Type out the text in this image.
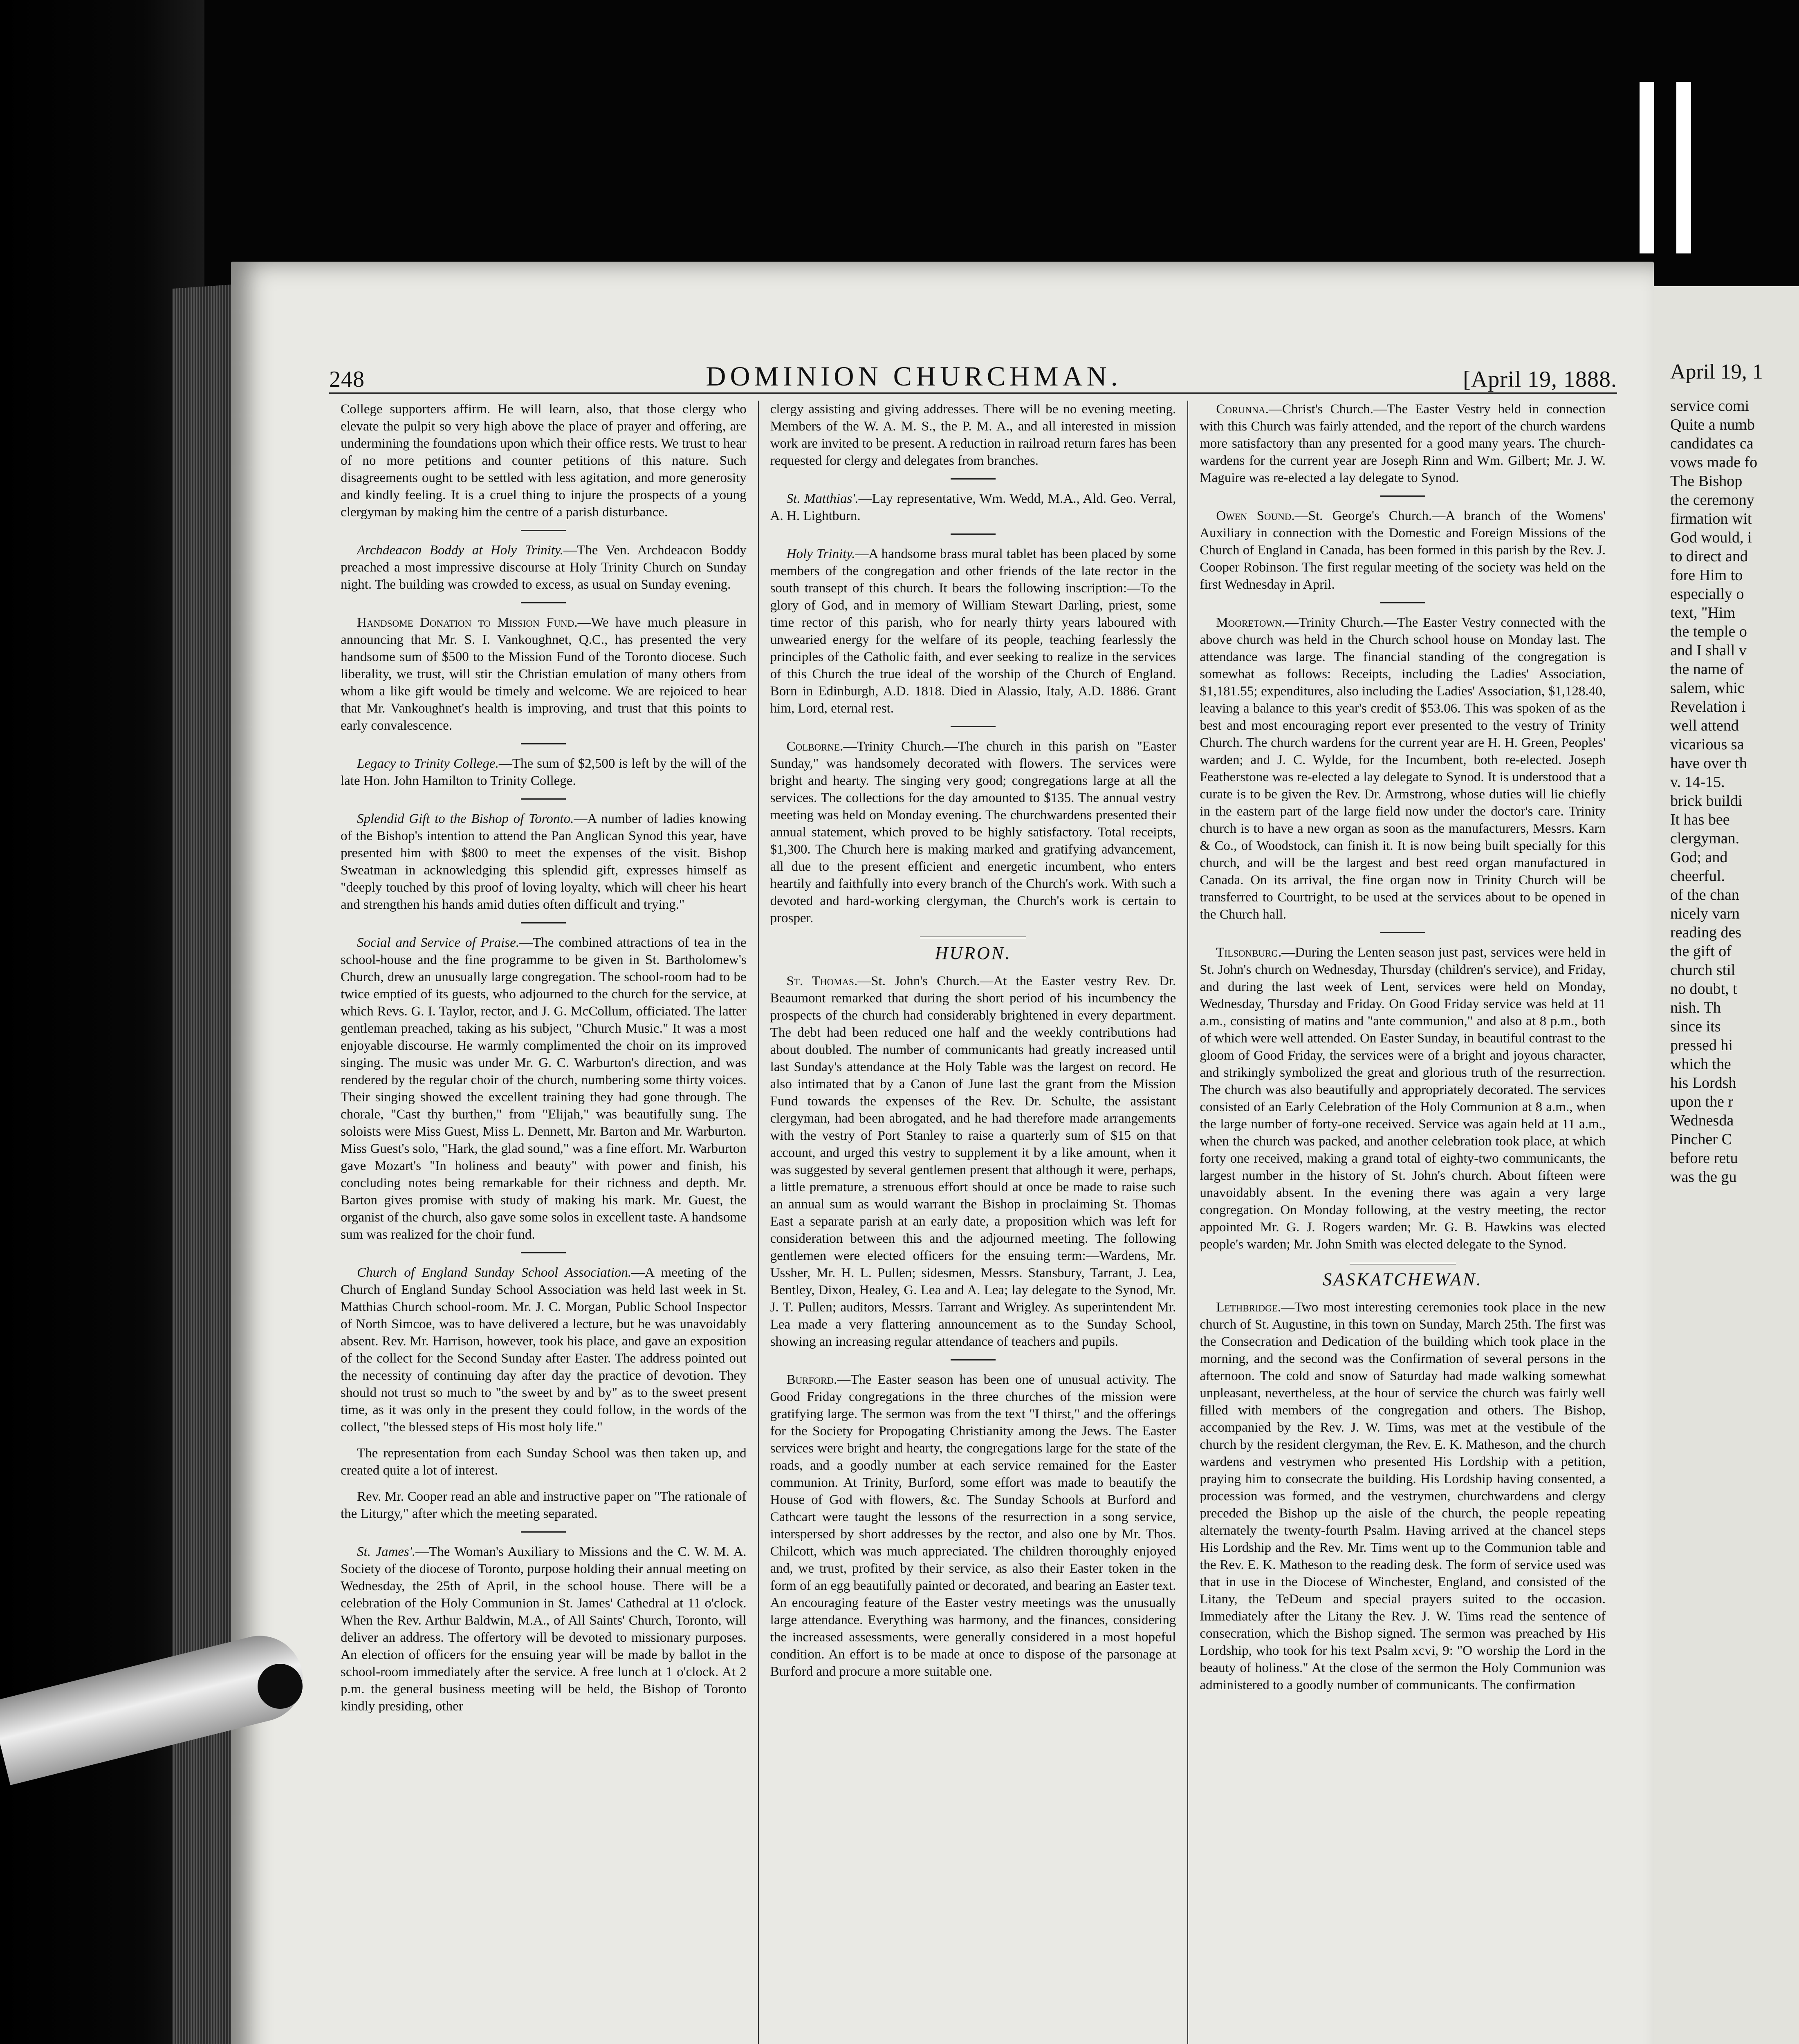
April 19, 1
service comi
Quite a numb
candidates ca
vows made fo
The Bishop
the ceremony
firmation wit
God would, i
to direct and
fore Him to
especially o
text, "Him
the temple o
and I shall v
the name of
salem, whic
Revelation i
well attend
vicarious sa
have over th
v. 14-15.
brick buildi
It has bee
clergyman.
God; and
cheerful.
of the chan
nicely varn
reading des
the gift of
church stil
no doubt, t
nish. Th
since its
pressed hi
which the
his Lordsh
upon the r
Wednesda
Pincher C
before retu
was the gu
248	DOMINION CHURCHMAN.	[April 19, 1888.

College supporters affirm. He will learn, also, that those clergy who elevate the pulpit so very high above the place of prayer and offering, are undermining the foundations upon which their office rests. We trust to hear of no more petitions and counter petitions of this nature. Such disagreements ought to be settled with less agitation, and more generosity and kindly feeling. It is a cruel thing to injure the prospects of a young clergyman by making him the centre of a parish disturbance.

Archdeacon Boddy at Holy Trinity.—The Ven. Archdeacon Boddy preached a most impressive discourse at Holy Trinity Church on Sunday night. The building was crowded to excess, as usual on Sunday evening.

Handsome Donation to Mission Fund.—We have much pleasure in announcing that Mr. S. I. Vankoughnet, Q.C., has presented the very handsome sum of $500 to the Mission Fund of the Toronto diocese. Such liberality, we trust, will stir the Christian emulation of many others from whom a like gift would be timely and welcome. We are rejoiced to hear that Mr. Vankoughnet's health is improving, and trust that this points to early convalescence.

Legacy to Trinity College.—The sum of $2,500 is left by the will of the late Hon. John Hamilton to Trinity College.

Splendid Gift to the Bishop of Toronto.—A number of ladies knowing of the Bishop's intention to attend the Pan Anglican Synod this year, have presented him with $800 to meet the expenses of the visit. Bishop Sweatman in acknowledging this splendid gift, expresses himself as "deeply touched by this proof of loving loyalty, which will cheer his heart and strengthen his hands amid duties often difficult and trying."

Social and Service of Praise.—The combined attractions of tea in the school-house and the fine programme to be given in St. Bartholomew's Church, drew an unusually large congregation. The school-room had to be twice emptied of its guests, who adjourned to the church for the service, at which Revs. G. I. Taylor, rector, and J. G. McCollum, officiated. The latter gentleman preached, taking as his subject, "Church Music." It was a most enjoyable discourse. He warmly complimented the choir on its improved singing. The music was under Mr. G. C. Warburton's direction, and was rendered by the regular choir of the church, numbering some thirty voices. Their singing showed the excellent training they had gone through. The chorale, "Cast thy burthen," from "Elijah," was beautifully sung. The soloists were Miss Guest, Miss L. Dennett, Mr. Barton and Mr. Warburton. Miss Guest's solo, "Hark, the glad sound," was a fine effort. Mr. Warburton gave Mozart's "In holiness and beauty" with power and finish, his concluding notes being remarkable for their richness and depth. Mr. Barton gives promise with study of making his mark. Mr. Guest, the organist of the church, also gave some solos in excellent taste. A handsome sum was realized for the choir fund.

Church of England Sunday School Association.—A meeting of the Church of England Sunday School Association was held last week in St. Matthias Church school-room. Mr. J. C. Morgan, Public School Inspector of North Simcoe, was to have delivered a lecture, but he was unavoidably absent. Rev. Mr. Harrison, however, took his place, and gave an exposition of the collect for the Second Sunday after Easter. The address pointed out the necessity of continuing day after day the practice of devotion. They should not trust so much to "the sweet by and by" as to the sweet present time, as it was only in the present they could follow, in the words of the collect, "the blessed steps of His most holy life."

The representation from each Sunday School was then taken up, and created quite a lot of interest.

Rev. Mr. Cooper read an able and instructive paper on "The rationale of the Liturgy," after which the meeting separated.

St. James'.—The Woman's Auxiliary to Missions and the C. W. M. A. Society of the diocese of Toronto, purpose holding their annual meeting on Wednesday, the 25th of April, in the school house. There will be a celebration of the Holy Communion in St. James' Cathedral at 11 o'clock. When the Rev. Arthur Baldwin, M.A., of All Saints' Church, Toronto, will deliver an address. The offertory will be devoted to missionary purposes. An election of officers for the ensuing year will be made by ballot in the school-room immediately after the service. A free lunch at 1 o'clock. At 2 p.m. the general business meeting will be held, the Bishop of Toronto kindly presiding, other

clergy assisting and giving addresses. There will be no evening meeting. Members of the W. A. M. S., the P. M. A., and all interested in mission work are invited to be present. A reduction in railroad return fares has been requested for clergy and delegates from branches.

St. Matthias'.—Lay representative, Wm. Wedd, M.A., Ald. Geo. Verral, A. H. Lightburn.

Holy Trinity.—A handsome brass mural tablet has been placed by some members of the congregation and other friends of the late rector in the south transept of this church. It bears the following inscription:—To the glory of God, and in memory of William Stewart Darling, priest, some time rector of this parish, who for nearly thirty years laboured with unwearied energy for the welfare of its people, teaching fearlessly the principles of the Catholic faith, and ever seeking to realize in the services of this Church the true ideal of the worship of the Church of England. Born in Edinburgh, A.D. 1818. Died in Alassio, Italy, A.D. 1886. Grant him, Lord, eternal rest.

Colborne.—Trinity Church.—The church in this parish on "Easter Sunday," was handsomely decorated with flowers. The services were bright and hearty. The singing very good; congregations large at all the services. The collections for the day amounted to $135. The annual vestry meeting was held on Monday evening. The churchwardens presented their annual statement, which proved to be highly satisfactory. Total receipts, $1,300. The Church here is making marked and gratifying advancement, all due to the present efficient and energetic incumbent, who enters heartily and faithfully into every branch of the Church's work. With such a devoted and hard-working clergyman, the Church's work is certain to prosper.

HURON.

St. Thomas.—St. John's Church.—At the Easter vestry Rev. Dr. Beaumont remarked that during the short period of his incumbency the prospects of the church had considerably brightened in every department. The debt had been reduced one half and the weekly contributions had about doubled. The number of communicants had greatly increased until last Sunday's attendance at the Holy Table was the largest on record. He also intimated that by a Canon of June last the grant from the Mission Fund towards the expenses of the Rev. Dr. Schulte, the assistant clergyman, had been abrogated, and he had therefore made arrangements with the vestry of Port Stanley to raise a quarterly sum of $15 on that account, and urged this vestry to supplement it by a like amount, when it was suggested by several gentlemen present that although it were, perhaps, a little premature, a strenuous effort should at once be made to raise such an annual sum as would warrant the Bishop in proclaiming St. Thomas East a separate parish at an early date, a proposition which was left for consideration between this and the adjourned meeting. The following gentlemen were elected officers for the ensuing term:—Wardens, Mr. Ussher, Mr. H. L. Pullen; sidesmen, Messrs. Stansbury, Tarrant, J. Lea, Bentley, Dixon, Healey, G. Lea and A. Lea; lay delegate to the Synod, Mr. J. T. Pullen; auditors, Messrs. Tarrant and Wrigley. As superintendent Mr. Lea made a very flattering announcement as to the Sunday School, showing an increasing regular attendance of teachers and pupils.

Burford.—The Easter season has been one of unusual activity. The Good Friday congregations in the three churches of the mission were gratifying large. The sermon was from the text "I thirst," and the offerings for the Society for Propogating Christianity among the Jews. The Easter services were bright and hearty, the congregations large for the state of the roads, and a goodly number at each service remained for the Easter communion. At Trinity, Burford, some effort was made to beautify the House of God with flowers, &c. The Sunday Schools at Burford and Cathcart were taught the lessons of the resurrection in a song service, interspersed by short addresses by the rector, and also one by Mr. Thos. Chilcott, which was much appreciated. The children thoroughly enjoyed and, we trust, profited by their service, as also their Easter token in the form of an egg beautifully painted or decorated, and bearing an Easter text. An encouraging feature of the Easter vestry meetings was the unusually large attendance. Everything was harmony, and the finances, considering the increased assessments, were generally considered in a most hopeful condition. An effort is to be made at once to dispose of the parsonage at Burford and procure a more suitable one.

Corunna.—Christ's Church.—The Easter Vestry held in connection with this Church was fairly attended, and the report of the church wardens more satisfactory than any presented for a good many years. The church-wardens for the current year are Joseph Rinn and Wm. Gilbert; Mr. J. W. Maguire was re-elected a lay delegate to Synod.

Owen Sound.—St. George's Church.—A branch of the Womens' Auxiliary in connection with the Domestic and Foreign Missions of the Church of England in Canada, has been formed in this parish by the Rev. J. Cooper Robinson. The first regular meeting of the society was held on the first Wednesday in April.

Mooretown.—Trinity Church.—The Easter Vestry connected with the above church was held in the Church school house on Monday last. The attendance was large. The financial standing of the congregation is somewhat as follows: Receipts, including the Ladies' Association, $1,181.55; expenditures, also including the Ladies' Association, $1,128.40, leaving a balance to this year's credit of $53.06. This was spoken of as the best and most encouraging report ever presented to the vestry of Trinity Church. The church wardens for the current year are H. H. Green, Peoples' warden; and J. C. Wylde, for the Incumbent, both re-elected. Joseph Featherstone was re-elected a lay delegate to Synod. It is understood that a curate is to be given the Rev. Dr. Armstrong, whose duties will lie chiefly in the eastern part of the large field now under the doctor's care. Trinity church is to have a new organ as soon as the manufacturers, Messrs. Karn & Co., of Woodstock, can finish it. It is now being built specially for this church, and will be the largest and best reed organ manufactured in Canada. On its arrival, the fine organ now in Trinity Church will be transferred to Courtright, to be used at the services about to be opened in the Church hall.

Tilsonburg.—During the Lenten season just past, services were held in St. John's church on Wednesday, Thursday (children's service), and Friday, and during the last week of Lent, services were held on Monday, Wednesday, Thursday and Friday. On Good Friday service was held at 11 a.m., consisting of matins and "ante communion," and also at 8 p.m., both of which were well attended. On Easter Sunday, in beautiful contrast to the gloom of Good Friday, the services were of a bright and joyous character, and strikingly symbolized the great and glorious truth of the resurrection. The church was also beautifully and appropriately decorated. The services consisted of an Early Celebration of the Holy Communion at 8 a.m., when the large number of forty-one received. Service was again held at 11 a.m., when the church was packed, and another celebration took place, at which forty one received, making a grand total of eighty-two communicants, the largest number in the history of St. John's church. About fifteen were unavoidably absent. In the evening there was again a very large congregation. On Monday following, at the vestry meeting, the rector appointed Mr. G. J. Rogers warden; Mr. G. B. Hawkins was elected people's warden; Mr. John Smith was elected delegate to the Synod.

SASKATCHEWAN.

Lethbridge.—Two most interesting ceremonies took place in the new church of St. Augustine, in this town on Sunday, March 25th. The first was the Consecration and Dedication of the building which took place in the morning, and the second was the Confirmation of several persons in the afternoon. The cold and snow of Saturday had made walking somewhat unpleasant, nevertheless, at the hour of service the church was fairly well filled with members of the congregation and others. The Bishop, accompanied by the Rev. J. W. Tims, was met at the vestibule of the church by the resident clergyman, the Rev. E. K. Matheson, and the church wardens and vestrymen who presented His Lordship with a petition, praying him to consecrate the building. His Lordship having consented, a procession was formed, and the vestrymen, churchwardens and clergy preceded the Bishop up the aisle of the church, the people repeating alternately the twenty-fourth Psalm. Having arrived at the chancel steps His Lordship and the Rev. Mr. Tims went up to the Communion table and the Rev. E. K. Matheson to the reading desk. The form of service used was that in use in the Diocese of Winchester, England, and consisted of the Litany, the TeDeum and special prayers suited to the occasion. Immediately after the Litany the Rev. J. W. Tims read the sentence of consecration, which the Bishop signed. The sermon was preached by His Lordship, who took for his text Psalm xcvi, 9: "O worship the Lord in the beauty of holiness." At the close of the sermon the Holy Communion was administered to a goodly number of communicants. The confirmation
